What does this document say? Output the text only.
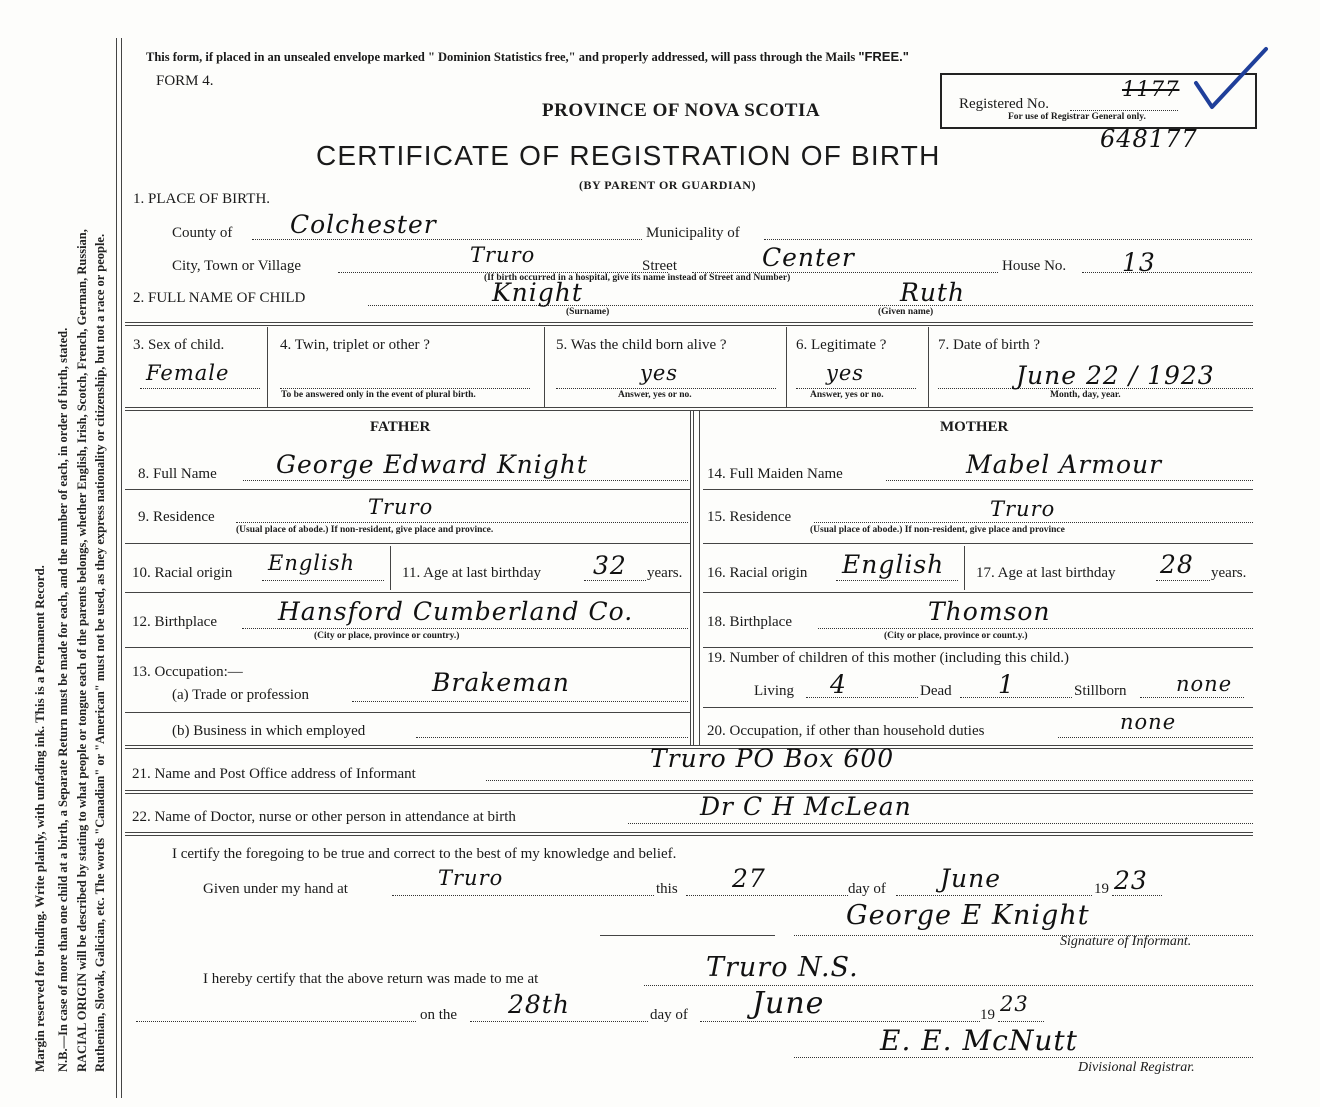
Margin reserved for binding. Write plainly, with unfading ink. This is a Permanent Record. N.B.—In case of more than one child at a birth, a Separate Return must be made for each, and the number of each, in order of birth, stated. RACIAL ORIGIN will be described by stating to what people or tongue each of the parents belongs, whether English, Irish, Scotch, French, German, Russian, Ruthenian, Slovak, Galician, etc. The words "Canadian" or "American" must not be used, as they express nationality or citizenship, but not a race or people.
This form, if placed in an unsealed envelope marked " Dominion Statistics free," and properly addressed, will pass through the Mails "FREE."
FORM 4.
PROVINCE OF NOVA SCOTIA
CERTIFICATE OF REGISTRATION OF BIRTH
(BY PARENT OR GUARDIAN)
Registered No.
1177
For use of Registrar General only.
648177
1. PLACE OF BIRTH.
County of Colchester	Municipality of
City, Town or Village	Truro	Street	Center	House No. 13
(If birth occurred in a hospital, give its name instead of Street and Number)
2. FULL NAME OF CHILD	Knight
(Surname)
Ruth
(Given name)
3. Sex of child.
Female
4. Twin, triplet or other ?
To be answered only in the event of plural birth.
5. Was the child born alive ?
yes
Answer, yes or no.
6. Legitimate ?
yes
Answer, yes or no.
7. Date of birth ?
June 22 / 1923
Month, day, year.
FATHER
8. Full Name George Edward Knight
9. Residence	Truro
(Usual place of abode.) If non-resident, give place and province.
10. Racial origin English	11. Age at last birthday 32 years.
12. Birthplace Hansford Cumberland Co.
(City or place, province or country.)
13. Occupation:—
(a) Trade or profession	Brakeman
(b) Business in which employed
MOTHER
14. Full Maiden Name	Mabel Armour
15. Residence	Truro
(Usual place of abode.) If non-resident, give place and province
16. Racial origin English 17. Age at last birthday 28 years.
18. Birthplace	Thomson
(City or place, province or count.y.)
19. Number of children of this mother (including this child.)
Living 4	Dead 1	Stillborn none
20. Occupation, if other than household duties	none
21. Name and Post Office address of Informant
Truro PO Box 600
22. Name of Doctor, nurse or other person in attendance at birth	Dr C H McLean
I certify the foregoing to be true and correct to the best of my knowledge and belief.
Given under my hand at	Truro	this 27	day of June	19 23
George E Knight
Signature of Informant.
I hereby certify that the above return was made to me at	Truro N.S.
on the 28th	day of June	19 23
E. E. McNutt
Divisional Registrar.
